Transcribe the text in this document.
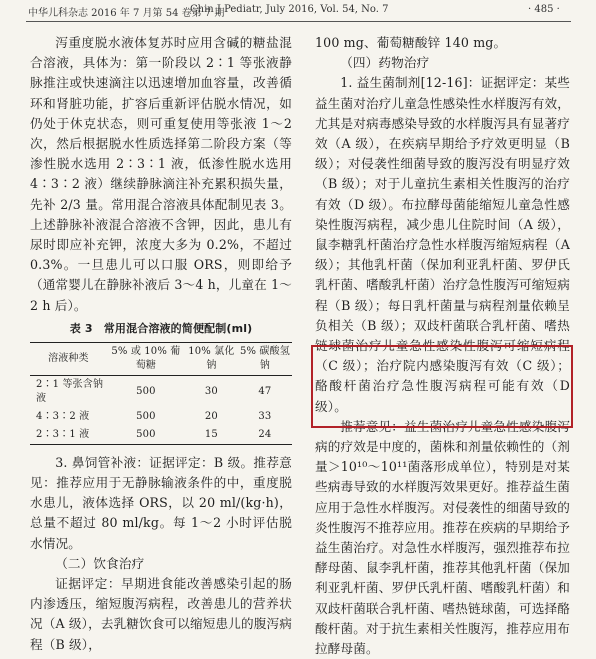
中华儿科杂志 2016 年 7 月第 54 卷第 7 期
Chin J Pediatr, July 2016, Vol. 54, No. 7	· 485 ·

泻重度脱水液体复苏时应用含碱的糖盐混合溶液，具体为：第一阶段以 2∶1 等张液静脉推注或快速滴注以迅速增加血容量，改善循环和肾脏功能，扩容后重新评估脱水情况，如仍处于休克状态，则可重复使用等张液 1～2 次，然后根据脱水性质选择第二阶段方案（等渗性脱水选用 2∶3∶1 液，低渗性脱水选用 4∶3∶2 液）继续静脉滴注补充累积损失量，先补 2/3 量。常用混合溶液具体配制见表 3。上述静脉补液混合溶液不含钾，因此，患儿有尿时即应补充钾，浓度大多为 0.2%，不超过 0.3%。一旦患儿可以口服 ORS，则即给予（通常婴儿在静脉补液后 3～4 h，儿童在 1～2 h 后）。

表 3　常用混合溶液的简便配制(ml)
溶液种类	5% 或 10% 葡萄糖	10% 氯化钠	5% 碳酸氢钠
2∶1 等张含钠液	500	30	47
4∶3∶2 液	500	20	33
2∶3∶1 液	500	15	24

3. 鼻饲管补液：证据评定：B 级。推荐意见：推荐应用于无静脉输液条件的中，重度脱水患儿，液体选择 ORS，以 20 ml/(kg·h)，总量不超过 80 ml/kg。每 1～2 小时评估脱水情况。

（二）饮食治疗

证据评定：早期进食能改善感染引起的肠内渗透压，缩短腹泻病程，改善患儿的营养状况（A 级），去乳糖饮食可以缩短患儿的腹泻病程（B 级），

100 mg、葡萄糖酸锌 140 mg。

（四）药物治疗

1. 益生菌制剂[12-16]：证据评定：某些益生菌对治疗儿童急性感染性水样腹泻有效，尤其是对病毒感染导致的水样腹泻具有显著疗效（A 级），在疾病早期给予疗效更明显（B 级）；对侵袭性细菌导致的腹泻没有明显疗效（B 级）；对于儿童抗生素相关性腹泻的治疗有效（D 级）。布拉酵母菌能缩短儿童急性感染性腹泻病程，减少患儿住院时间（A 级），鼠李糖乳杆菌治疗急性水样腹泻缩短病程（A 级）；其他乳杆菌（保加利亚乳杆菌、罗伊氏乳杆菌、嗜酸乳杆菌）治疗急性腹泻可缩短病程（B 级）；每日乳杆菌量与病程剂量依赖呈负相关（B 级）；双歧杆菌联合乳杆菌、嗜热链球菌治疗儿童急性感染性腹泻可缩短病程（C 级）；治疗院内感染腹泻有效（C 级）；酪酸杆菌治疗急性腹泻病程可能有效（D 级）。

推荐意见：益生菌治疗儿童急性感染腹泻病的疗效是中度的，菌株和剂量依赖性的（剂量＞10¹⁰～10¹¹菌落形成单位），特别是对某些病毒导致的水样腹泻效果更好。推荐益生菌应用于急性水样腹泻。对侵袭性的细菌导致的炎性腹泻不推荐应用。推荐在疾病的早期给予益生菌治疗。对急性水样腹泻，强烈推荐布拉酵母菌、鼠李乳杆菌，推荐其他乳杆菌（保加利亚乳杆菌、罗伊氏乳杆菌、嗜酸乳杆菌）和双歧杆菌联合乳杆菌、嗜热链球菌，可选择酪酸杆菌。对于抗生素相关性腹泻，推荐应用布拉酵母菌。
